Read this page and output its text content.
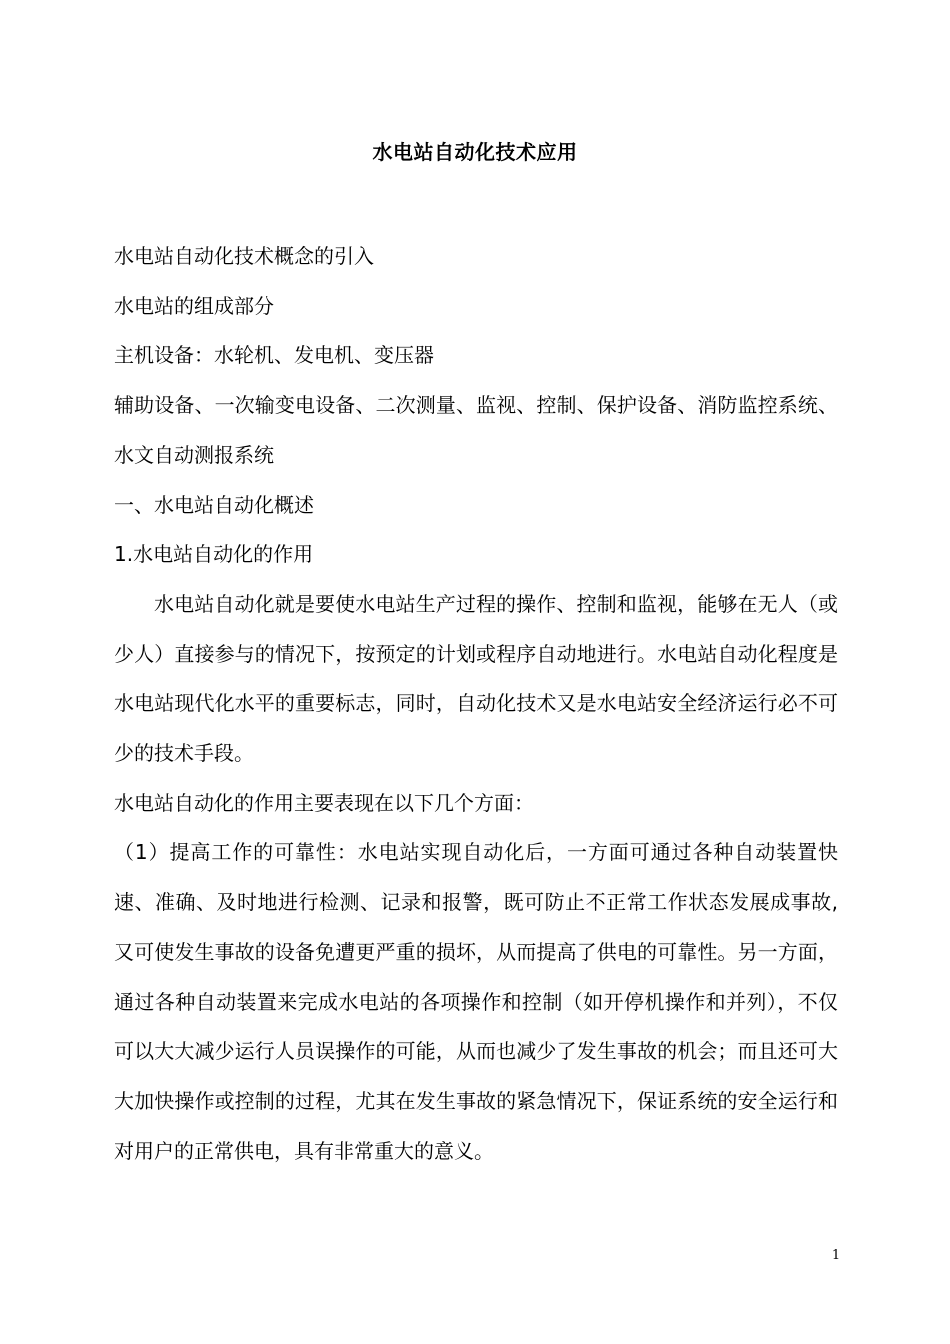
水电站自动化技术应用

水电站自动化技术概念的引入

水电站的组成部分

主机设备：水轮机、发电机、变压器

辅助设备、一次输变电设备、二次测量、监视、控制、保护设备、消防监控系统、水文自动测报系统

一、水电站自动化概述

1.水电站自动化的作用

水电站自动化就是要使水电站生产过程的操作、控制和监视，能够在无人（或少人）直接参与的情况下，按预定的计划或程序自动地进行。水电站自动化程度是水电站现代化水平的重要标志，同时，自动化技术又是水电站安全经济运行必不可少的技术手段。

水电站自动化的作用主要表现在以下几个方面：

（1）提高工作的可靠性：水电站实现自动化后，一方面可通过各种自动装置快速、准确、及时地进行检测、记录和报警，既可防止不正常工作状态发展成事故,又可使发生事故的设备免遭更严重的损坏，从而提高了供电的可靠性。另一方面，通过各种自动装置来完成水电站的各项操作和控制（如开停机操作和并列），不仅可以大大减少运行人员误操作的可能，从而也减少了发生事故的机会；而且还可大大加快操作或控制的过程，尤其在发生事故的紧急情况下，保证系统的安全运行和对用户的正常供电，具有非常重大的意义。

1
